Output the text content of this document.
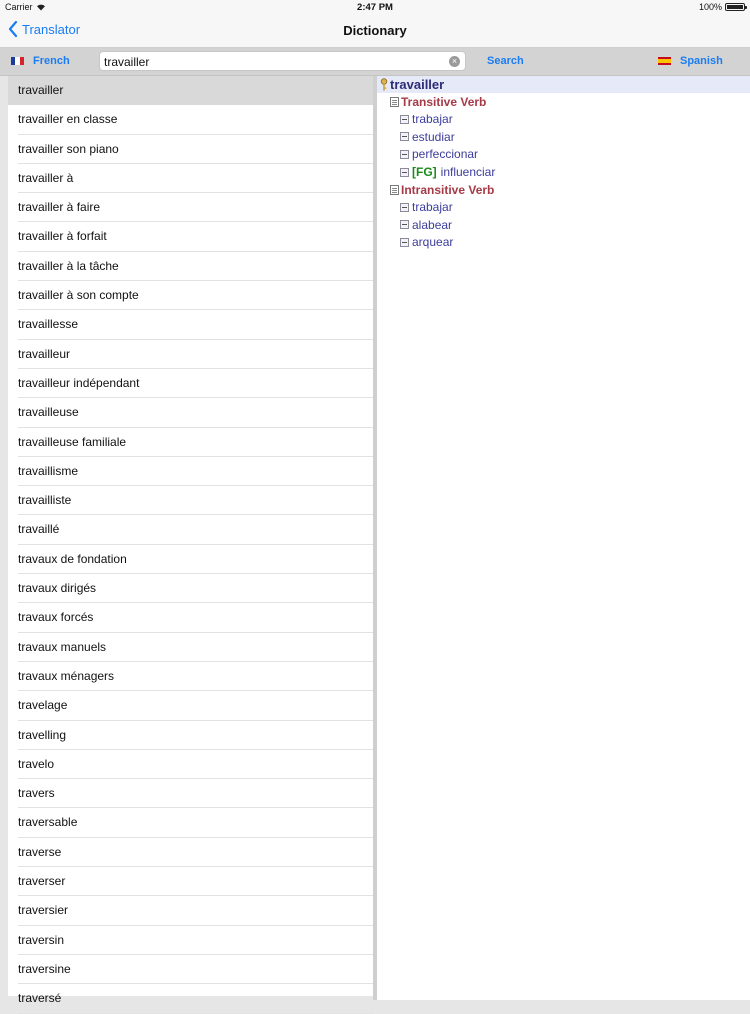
Carrier	2:47 PM	100%
Translator	Dictionary
French
travailler	×	Search	Spanish
travailler
travailler en classe
travailler son piano
travailler à
travailler à faire
travailler à forfait
travailler à la tâche
travailler à son compte
travaillesse
travailleur
travailleur indépendant
travailleuse
travailleuse familiale
travaillisme
travailliste
travaillé
travaux de fondation
travaux dirigés
travaux forcés
travaux manuels
travaux ménagers
travelage
travelling
travelo
travers
traversable
traverse
traverser
traversier
traversin
traversine
traversé
travailler
Transitive Verb
trabajar
estudiar
perfeccionar
[FG] influenciar
Intransitive Verb
trabajar
alabear
arquear
